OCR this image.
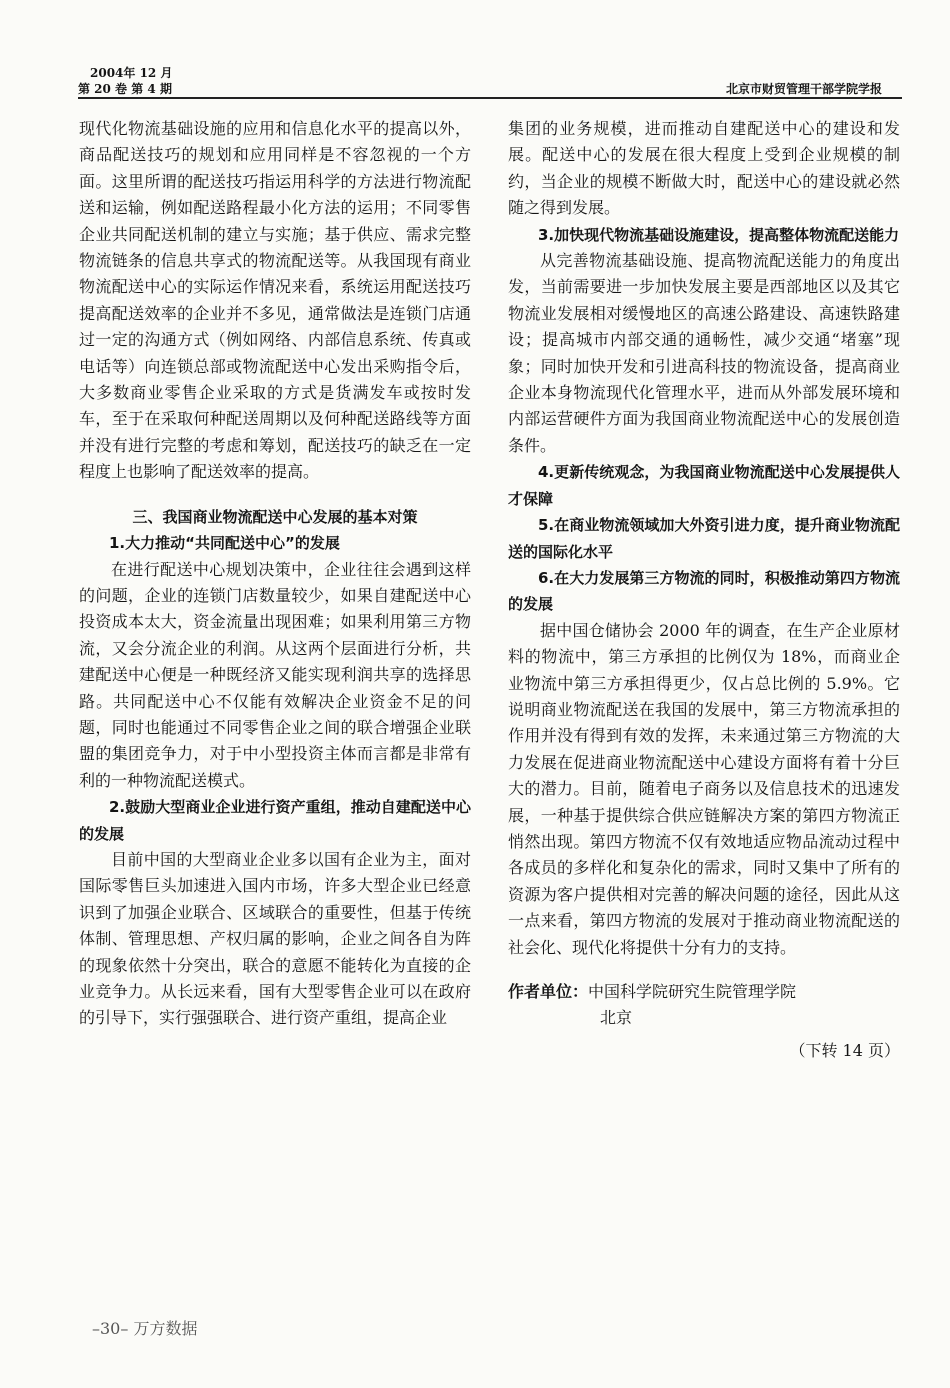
2004年 12 月
第 20 卷 第 4 期	北京市财贸管理干部学院学报

现代化物流基础设施的应用和信息化水平的提高以外，商品配送技巧的规划和应用同样是不容忽视的一个方面。这里所谓的配送技巧指运用科学的方法进行物流配送和运输，例如配送路程最小化方法的运用；不同零售企业共同配送机制的建立与实施；基于供应、需求完整物流链条的信息共享式的物流配送等。从我国现有商业物流配送中心的实际运作情况来看，系统运用配送技巧提高配送效率的企业并不多见，通常做法是连锁门店通过一定的沟通方式（例如网络、内部信息系统、传真或电话等）向连锁总部或物流配送中心发出采购指令后，大多数商业零售企业采取的方式是货满发车或按时发车，至于在采取何种配送周期以及何种配送路线等方面并没有进行完整的考虑和筹划，配送技巧的缺乏在一定程度上也影响了配送效率的提高。

三、我国商业物流配送中心发展的基本对策

1.大力推动“共同配送中心”的发展

在进行配送中心规划决策中，企业往往会遇到这样的问题，企业的连锁门店数量较少，如果自建配送中心投资成本太大，资金流量出现困难；如果利用第三方物流，又会分流企业的利润。从这两个层面进行分析，共建配送中心便是一种既经济又能实现利润共享的选择思路。共同配送中心不仅能有效解决企业资金不足的问题，同时也能通过不同零售企业之间的联合增强企业联盟的集团竞争力，对于中小型投资主体而言都是非常有利的一种物流配送模式。

2.鼓励大型商业企业进行资产重组，推动自建配送中心的发展

目前中国的大型商业企业多以国有企业为主，面对国际零售巨头加速进入国内市场，许多大型企业已经意识到了加强企业联合、区域联合的重要性，但基于传统体制、管理思想、产权归属的影响，企业之间各自为阵的现象依然十分突出，联合的意愿不能转化为直接的企业竞争力。从长远来看，国有大型零售企业可以在政府的引导下，实行强强联合、进行资产重组，提高企业

集团的业务规模，进而推动自建配送中心的建设和发展。配送中心的发展在很大程度上受到企业规模的制约，当企业的规模不断做大时，配送中心的建设就必然随之得到发展。

3.加快现代物流基础设施建设，提高整体物流配送能力

从完善物流基础设施、提高物流配送能力的角度出发，当前需要进一步加快发展主要是西部地区以及其它物流业发展相对缓慢地区的高速公路建设、高速铁路建设；提高城市内部交通的通畅性，减少交通“堵塞”现象；同时加快开发和引进高科技的物流设备，提高商业企业本身物流现代化管理水平，进而从外部发展环境和内部运营硬件方面为我国商业物流配送中心的发展创造条件。

4.更新传统观念，为我国商业物流配送中心发展提供人才保障

5.在商业物流领域加大外资引进力度，提升商业物流配送的国际化水平

6.在大力发展第三方物流的同时，积极推动第四方物流的发展

据中国仓储协会 2000 年的调查，在生产企业原材料的物流中，第三方承担的比例仅为 18%，而商业企业物流中第三方承担得更少，仅占总比例的 5.9%。它说明商业物流配送在我国的发展中，第三方物流承担的作用并没有得到有效的发挥，未来通过第三方物流的大力发展在促进商业物流配送中心建设方面将有着十分巨大的潜力。目前，随着电子商务以及信息技术的迅速发展，一种基于提供综合供应链解决方案的第四方物流正悄然出现。第四方物流不仅有效地适应物品流动过程中各成员的多样化和复杂化的需求，同时又集中了所有的资源为客户提供相对完善的解决问题的途径，因此从这一点来看，第四方物流的发展对于推动商业物流配送的社会化、现代化将提供十分有力的支持。

作者单位：中国科学院研究生院管理学院

北京

（下转 14 页）

–30– 万方数据
